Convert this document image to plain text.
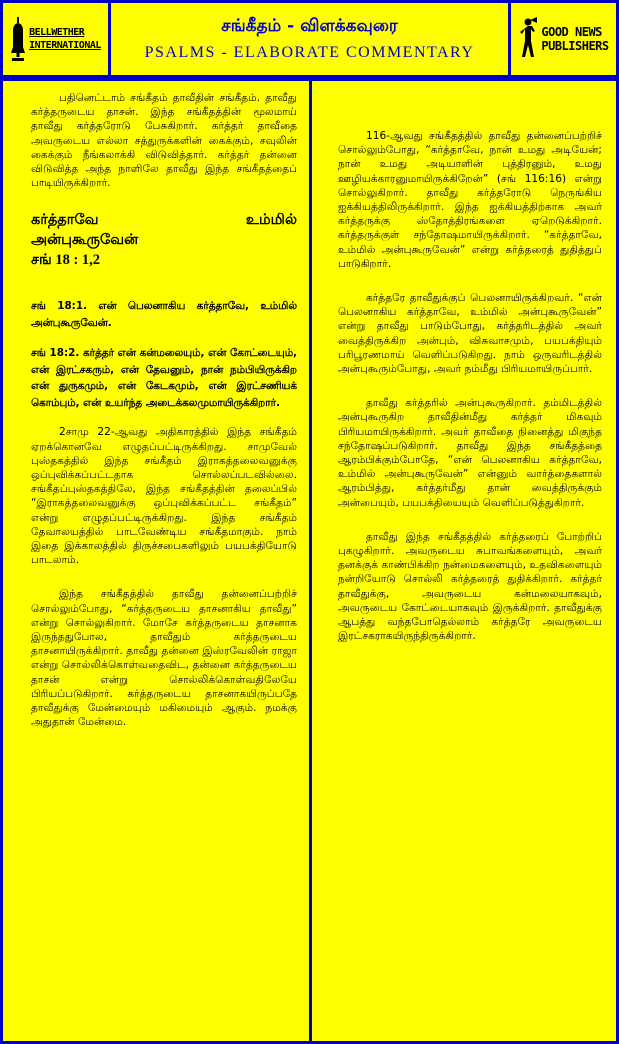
BELLWETHER
INTERNATIONAL
சங்கீதம் - விளக்கவுரை
PSALMS - ELABORATE COMMENTARY
GOOD NEWS
PUBLISHERS

பதினெட்டாம் சங்கீதம் தாவீதின் சங்கீதம். தாவீது கர்த்தருடைய தாசன். இந்த சங்கீதத்தின் மூலமாய் தாவீது கர்த்தரோடு பேசுகிறார். கர்த்தர் தாவீதை அவருடைய எல்லா சத்துருக்களின் கைக்கும், சவுலின் கைக்கும் நீங்கலாக்கி விடுவித்தார். கர்த்தர் தன்னை விடுவித்த அந்த நாளிலே தாவீது இந்த சங்கீதத்தைப் பாடியிருக்கிறார்.

கர்த்தாவே	உம்மில்
அன்புகூருவேன்
சங் 18 : 1,2

சங் 18:1. என் பெலனாகிய கர்த்தாவே, உம்மில் அன்புகூருவேன்.

சங் 18:2. கர்த்தர் என் கன்மலையும், என் கோட்டையும், என் இரட்சகரும், என் தேவனும், நான் நம்பியிருக்கிற என் துருகமும், என் கேடகமும், என் இரட்சணியக் கொம்பும், என் உயர்ந்த அடைக்கலமுமாயிருக்கிறார்.

2சாமு 22-ஆவது அதிகாரத்தில் இந்த சங்கீதம் ஏறக்கொனவே எழுதப்பட்டிருக்கிறது. சாமுவேல் புஸ்தகத்தில் இந்த சங்கீதம் இராகத்தலைவனுக்கு ஒப்புவிக்கப்பட்டதாக சொல்லப்படவில்லை. சங்கீதப்புஸ்தகத்திலே, இந்த சங்கீதத்தின் தலைப்பில் “இராகத்தலைவனுக்கு ஒப்புவிக்கப்பட்ட சங்கீதம்” என்று எழுதப்பட்டிருக்கிறது. இந்த சங்கீதம் தேவாலயத்தில் பாடவேண்டிய சங்கீதமாகும். நாம் இதை இக்காலத்தில் திருச்சபைகளிலும் பயபக்தியோடு பாடலாம்.

இந்த சங்கீதத்தில் தாவீது தன்னைப்பற்றிச் சொல்லும்போது, “கர்த்தருடைய தாசனாகிய தாவீது” என்று சொல்லுகிறார். மோசே கர்த்தருடைய தாசனாக இருந்ததுபோல, தாவீதும் கர்த்தருடைய தாசனாயிருக்கிறார். தாவீது தன்னை இஸ்ரவேலின் ராஜா என்று சொல்லிக்கொள்வதைவிட, தன்னை கர்த்தருடைய தாசன் என்று சொல்லிக்கொள்வதிலேயே பிரியப்படுகிறார். கர்த்தருடைய தாசனாகயிருப்பதே தாவீதுக்கு மேன்மையும் மகிமையும் ஆகும். நமக்கு அதுதான் மேன்மை.

116-ஆவது சங்கீதத்தில் தாவீது தன்னைப்பற்றிச் சொல்லும்போது, “கர்த்தாவே, நான் உமது அடியேன்; நான் உமது அடியாளின் புத்திரனும், உமது ஊழியக்காரனுமாயிருக்கிறேன்” (சங் 116:16) என்று சொல்லுகிறார். தாவீது கர்த்தரோடு நெருங்கிய ஐக்கியத்திலிருக்கிறார். இந்த ஐக்கியத்திற்காக அவர் கர்த்தருக்கு ஸ்தோத்திரங்களை ஏறெடுக்கிறார். கர்த்தருக்குள் சந்தோஷமாயிருக்கிறார். “கர்த்தாவே, உம்மில் அன்புகூருவேன்” என்று கர்த்தரைத் துதித்துப் பாடுகிறார்.

கர்த்தரே தாவீதுக்குப் பெலனாயிருக்கிறவர். “என் பெலனாகிய கர்த்தாவே, உம்மில் அன்புகூருவேன்” என்று தாவீது பாடும்போது, கர்த்தரிடத்தில் அவர் வைத்திருக்கிற அன்பும், விசுவாசமும், பயபக்தியும் பரிபூரணமாய் வெளிப்படுகிறது. நாம் ஒருவரிடத்தில் அன்புகூரும்போது, அவர் நம்மீது பிரியமாயிருப்பார்.

தாவீது கர்த்தரில் அன்புகூருகிறார். தம்மிடத்தில் அன்புகூருகிற தாவீதின்மீது கர்த்தர் மிகவும் பிரியமாயிருக்கிறார். அவர் தாவீதை நினைத்து மிகுந்த சந்தோஷப்படுகிறார். தாவீது இந்த சங்கீதத்தை ஆரம்பிக்கும்போதே, “என் பெலனாகிய கர்த்தாவே, உம்மில் அன்புகூருவேன்” என்னும் வார்த்தைகளால் ஆரம்பித்து, கர்த்தர்மீது தான் வைத்திருக்கும் அன்பையும், பயபக்தியையும் வெளிப்படுத்துகிறார்.

தாவீது இந்த சங்கீதத்தில் கர்த்தரைப் போற்றிப் புகழுகிறார். அவருடைய சுபாவங்களையும், அவர் தனக்குக் காண்பிக்கிற நன்மைகளையும், உதவிகளையும் நன்றியோடு சொல்லி கர்த்தரைத் துதிக்கிறார். கர்த்தர் தாவீதுக்கு, அவருடைய கன்மலையாகவும், அவருடைய கோட்டையாகவும் இருக்கிறார். தாவீதுக்கு ஆபத்து வந்தபோதெல்லாம் கர்த்தரே அவருடைய இரட்சகராகயிருந்திருக்கிறார்.
